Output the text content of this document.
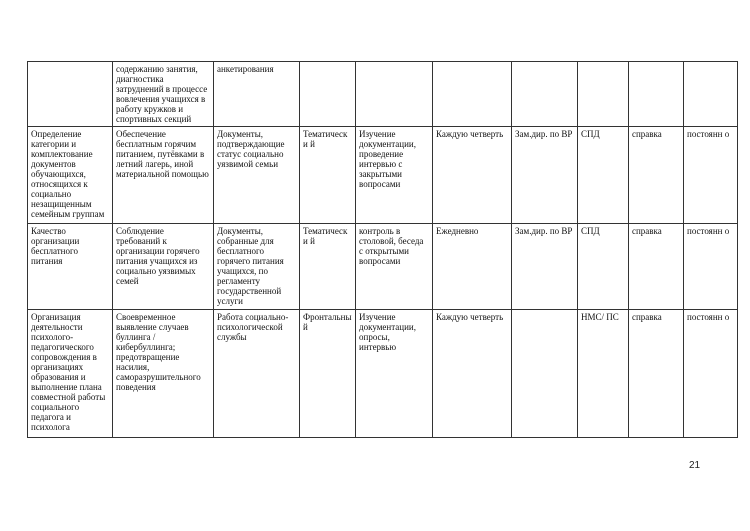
	содержанию занятия, диагностика затруднений в процессе вовлечения учащихся в работу кружков и спортивных секций	анкетирования							
Определение категории и комплектование документов обучающихся, относящихся к социально незащищенным семейным группам	Обеспечение бесплатным горячим питанием, путёвками в летний лагерь, иной материальной помощью	Документы, подтверждающие статус социально уязвимой семьи	Тематически й	Изучение документации, проведение интервью с закрытыми вопросами	Каждую четверть	Зам.дир. по ВР	СПД	справка	постоянн о
Качество организации бесплатного питания	Соблюдение требований к организации горячего питания учащихся из социально уязвимых семей	Документы, собранные для бесплатного горячего питания учащихся, по регламенту государственной услуги	Тематически й	контроль в столовой, беседа с открытыми вопросами	Ежедневно	Зам.дир. по ВР	СПД	справка	постоянн о
Организация деятельности психолого-педагогического сопровождения в организациях образования и выполнение плана совместной работы социального педагога и психолога	Своевременное выявление случаев буллинга /кибербуллинга; предотвращение насилия, саморазрушительного поведения	Работа социально-психологической службы	Фронтальны й	Изучение документации, опросы, интервью	Каждую четверть		НМС/ ПС	справка	постоянн о
21
